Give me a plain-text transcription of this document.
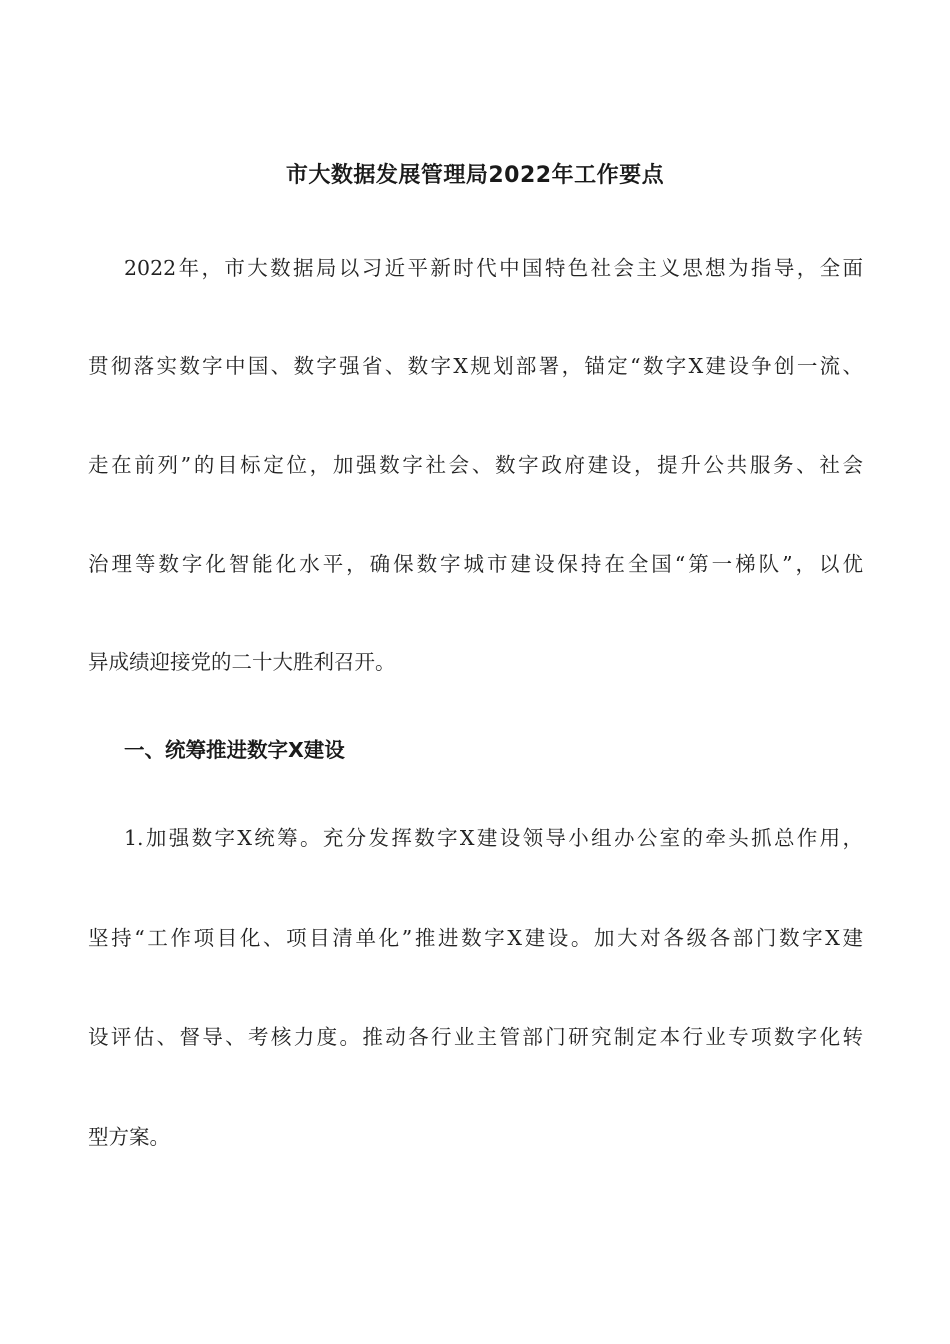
市大数据发展管理局2022年工作要点
2022年，市大数据局以习近平新时代中国特色社会主义思想为指导，全面
贯彻落实数字中国、数字强省、数字X规划部署，锚定“数字X建设争创一流、
走在前列”的目标定位，加强数字社会、数字政府建设，提升公共服务、社会
治理等数字化智能化水平，确保数字城市建设保持在全国“第一梯队”，以优
异成绩迎接党的二十大胜利召开。
一、统筹推进数字X建设
1.加强数字X统筹。充分发挥数字X建设领导小组办公室的牵头抓总作用，
坚持“工作项目化、项目清单化”推进数字X建设。加大对各级各部门数字X建
设评估、督导、考核力度。推动各行业主管部门研究制定本行业专项数字化转
型方案。
